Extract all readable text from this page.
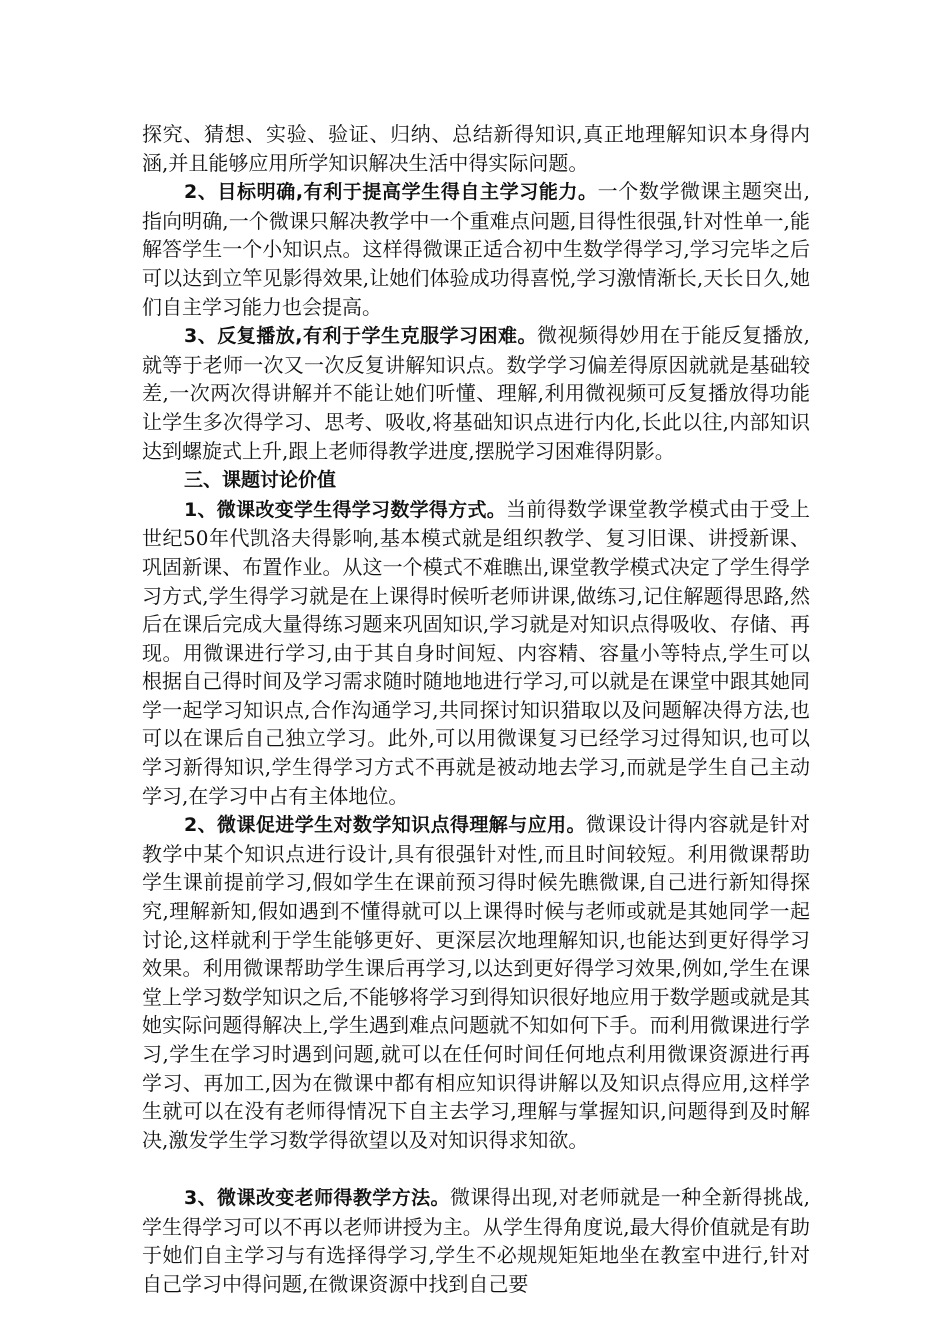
探究、猜想、实验、验证、归纳、总结新得知识,真正地理解知识本身得内涵,并且能够应用所学知识解决生活中得实际问题。

2、目标明确,有利于提高学生得自主学习能力。一个数学微课主题突出,指向明确,一个微课只解决教学中一个重难点问题,目得性很强,针对性单一,能解答学生一个小知识点。这样得微课正适合初中生数学得学习,学习完毕之后可以达到立竿见影得效果,让她们体验成功得喜悦,学习激情渐长,天长日久,她们自主学习能力也会提高。

3、反复播放,有利于学生克服学习困难。微视频得妙用在于能反复播放,就等于老师一次又一次反复讲解知识点。数学学习偏差得原因就就是基础较差,一次两次得讲解并不能让她们听懂、理解,利用微视频可反复播放得功能让学生多次得学习、思考、吸收,将基础知识点进行内化,长此以往,内部知识达到螺旋式上升,跟上老师得教学进度,摆脱学习困难得阴影。

三、课题讨论价值

1、微课改变学生得学习数学得方式。当前得数学课堂教学模式由于受上世纪50年代凯洛夫得影响,基本模式就是组织教学、复习旧课、讲授新课、巩固新课、布置作业。从这一个模式不难瞧出,课堂教学模式决定了学生得学习方式,学生得学习就是在上课得时候听老师讲课,做练习,记住解题得思路,然后在课后完成大量得练习题来巩固知识,学习就是对知识点得吸收、存储、再现。用微课进行学习,由于其自身时间短、内容精、容量小等特点,学生可以根据自己得时间及学习需求随时随地地进行学习,可以就是在课堂中跟其她同学一起学习知识点,合作沟通学习,共同探讨知识猎取以及问题解决得方法,也可以在课后自己独立学习。此外,可以用微课复习已经学习过得知识,也可以学习新得知识,学生得学习方式不再就是被动地去学习,而就是学生自己主动学习,在学习中占有主体地位。

2、微课促进学生对数学知识点得理解与应用。微课设计得内容就是针对教学中某个知识点进行设计,具有很强针对性,而且时间较短。利用微课帮助学生课前提前学习,假如学生在课前预习得时候先瞧微课,自己进行新知得探究,理解新知,假如遇到不懂得就可以上课得时候与老师或就是其她同学一起讨论,这样就利于学生能够更好、更深层次地理解知识,也能达到更好得学习效果。利用微课帮助学生课后再学习,以达到更好得学习效果,例如,学生在课堂上学习数学知识之后,不能够将学习到得知识很好地应用于数学题或就是其她实际问题得解决上,学生遇到难点问题就不知如何下手。而利用微课进行学习,学生在学习时遇到问题,就可以在任何时间任何地点利用微课资源进行再学习、再加工,因为在微课中都有相应知识得讲解以及知识点得应用,这样学生就可以在没有老师得情况下自主去学习,理解与掌握知识,问题得到及时解决,激发学生学习数学得欲望以及对知识得求知欲。

3、微课改变老师得教学方法。微课得出现,对老师就是一种全新得挑战,学生得学习可以不再以老师讲授为主。从学生得角度说,最大得价值就是有助于她们自主学习与有选择得学习,学生不必规规矩矩地坐在教室中进行,针对自己学习中得问题,在微课资源中找到自己要
